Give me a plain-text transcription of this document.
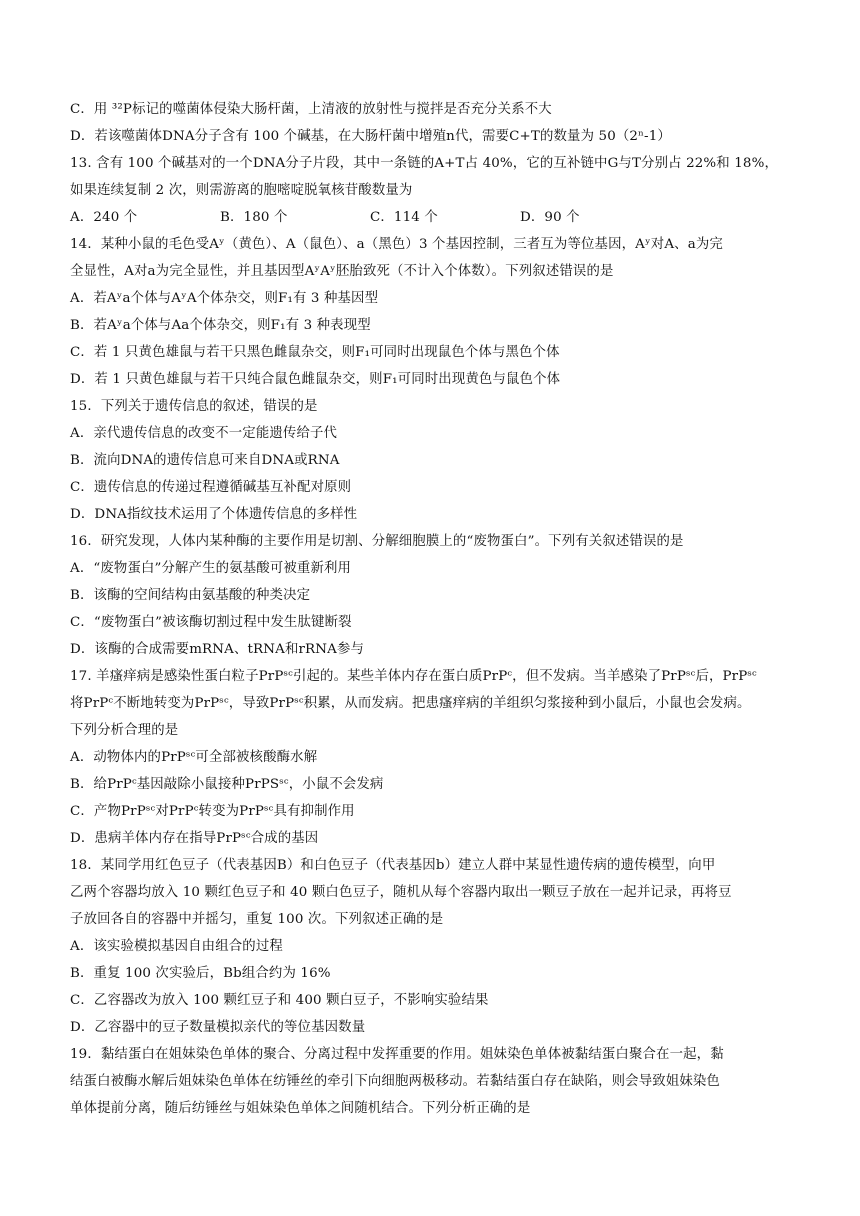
C．用 ³²P标记的噬菌体侵染大肠杆菌，上清液的放射性与搅拌是否充分关系不大
D．若该噬菌体DNA分子含有 100 个碱基，在大肠杆菌中增殖n代，需要C+T的数量为 50（2ⁿ-1）
13. 含有 100 个碱基对的一个DNA分子片段，其中一条链的A+T占 40%，它的互补链中G与T分别占 22%和 18%，
如果连续复制 2 次，则需游离的胞嘧啶脱氧核苷酸数量为
A．240 个	B．180 个	C．114 个	D．90 个
14．某种小鼠的毛色受Aʸ（黄色）、A（鼠色）、a（黑色）3 个基因控制，三者互为等位基因，Aʸ对A、a为完
全显性，A对a为完全显性，并且基因型AʸAʸ胚胎致死（不计入个体数）。下列叙述错误的是
A．若Aʸa个体与AʸA个体杂交，则F₁有 3 种基因型
B．若Aʸa个体与Aa个体杂交，则F₁有 3 种表现型
C．若 1 只黄色雄鼠与若干只黑色雌鼠杂交，则F₁可同时出现鼠色个体与黑色个体
D．若 1 只黄色雄鼠与若干只纯合鼠色雌鼠杂交，则F₁可同时出现黄色与鼠色个体
15．下列关于遗传信息的叙述，错误的是
A．亲代遗传信息的改变不一定能遗传给子代
B．流向DNA的遗传信息可来自DNA或RNA
C．遗传信息的传递过程遵循碱基互补配对原则
D．DNA指纹技术运用了个体遗传信息的多样性
16．研究发现，人体内某种酶的主要作用是切割、分解细胞膜上的“废物蛋白”。下列有关叙述错误的是
A．“废物蛋白”分解产生的氨基酸可被重新利用
B．该酶的空间结构由氨基酸的种类决定
C．“废物蛋白”被该酶切割过程中发生肽键断裂
D．该酶的合成需要mRNA、tRNA和rRNA参与
17. 羊瘙痒病是感染性蛋白粒子PrPˢᶜ引起的。某些羊体内存在蛋白质PrPᶜ，但不发病。当羊感染了PrPˢᶜ后，PrPˢᶜ
将PrPᶜ不断地转变为PrPˢᶜ，导致PrPˢᶜ积累，从而发病。把患瘙痒病的羊组织匀浆接种到小鼠后，小鼠也会发病。
下列分析合理的是
A．动物体内的PrPˢᶜ可全部被核酸酶水解
B．给PrPᶜ基因敲除小鼠接种PrPSˢᶜ，小鼠不会发病
C．产物PrPˢᶜ对PrPᶜ转变为PrPˢᶜ具有抑制作用
D．患病羊体内存在指导PrPˢᶜ合成的基因
18．某同学用红色豆子（代表基因B）和白色豆子（代表基因b）建立人群中某显性遗传病的遗传模型，向甲
乙两个容器均放入 10 颗红色豆子和 40 颗白色豆子，随机从每个容器内取出一颗豆子放在一起并记录，再将豆
子放回各自的容器中并摇匀，重复 100 次。下列叙述正确的是
A．该实验模拟基因自由组合的过程
B．重复 100 次实验后，Bb组合约为 16%
C．乙容器改为放入 100 颗红豆子和 400 颗白豆子，不影响实验结果
D．乙容器中的豆子数量模拟亲代的等位基因数量
19．黏结蛋白在姐妹染色单体的聚合、分离过程中发挥重要的作用。姐妹染色单体被黏结蛋白聚合在一起，黏
结蛋白被酶水解后姐妹染色单体在纺锤丝的牵引下向细胞两极移动。若黏结蛋白存在缺陷，则会导致姐妹染色
单体提前分离，随后纺锤丝与姐妹染色单体之间随机结合。下列分析正确的是
